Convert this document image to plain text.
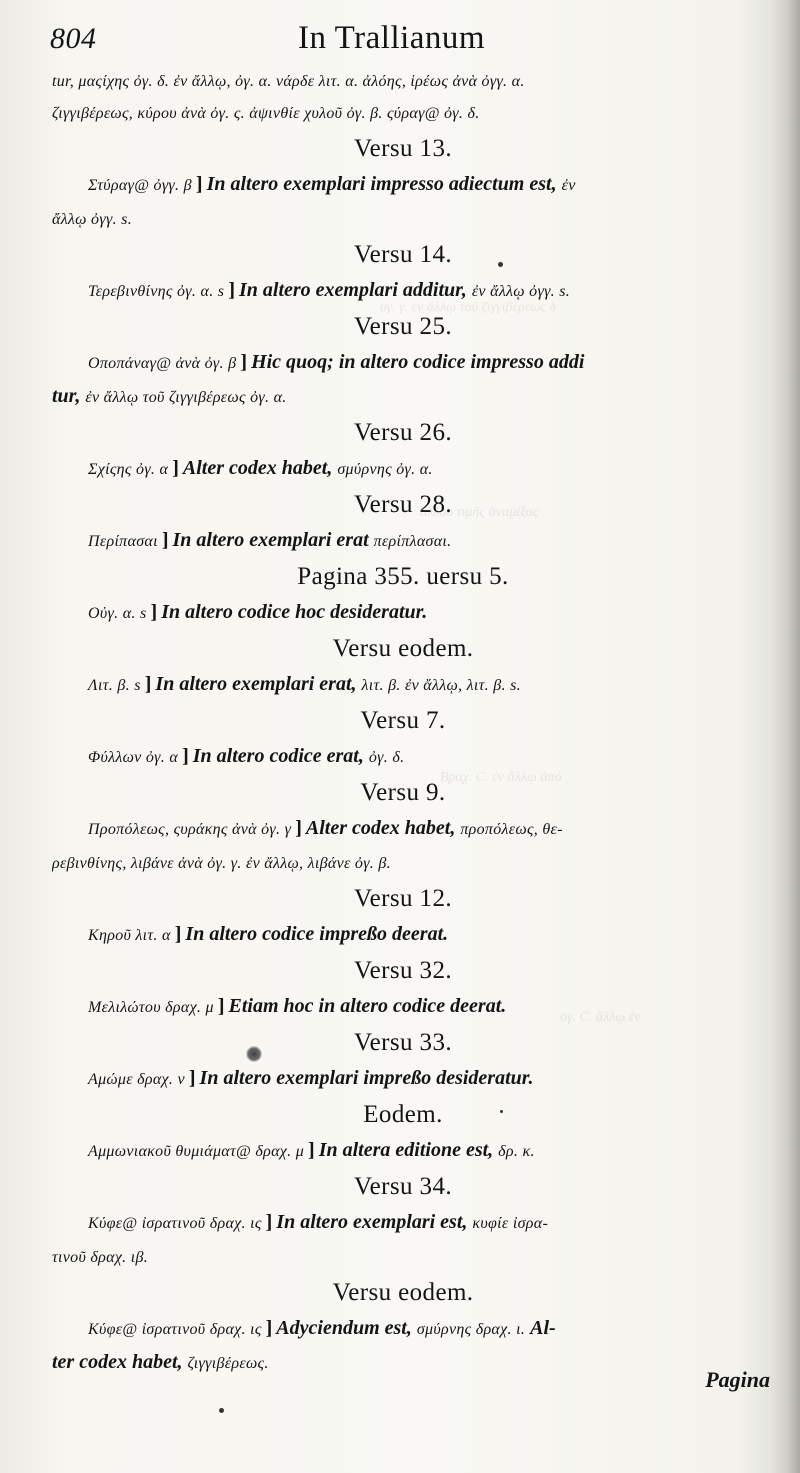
ὑγ. γ. ἐν ἄλλῳ τοῦ ζιγγιβέρεως δ
ἄλλου τιμῆς ἀναμίξας
Βραχ. Ϲ. ἐν ἄλλῳ ἀπό
ὀγ. Ϲ. ἄλλῳ ἐν
804	In Trallianum
tur, μαςίχης ὀγ. δ. ἐν ἄλλῳ, ὀγ. α. νάρδε λιτ. α. ἀλόης, ἱρέως ἀνὰ ὀγγ. α.
ζιγγιβέρεως, κύρου ἀνὰ ὀγ. ς. ἀψινθίε χυλοῦ ὀγ. β. ςύραγ@ ὀγ. δ.
Versu 13.
Στύραγ@ ὀγγ. β ] In altero exemplari impresso adiectum est, ἐν
ἄλλῳ ὀγγ. s.
Versu 14.
Τερεβινθίνης ὀγ. α. s ] In altero exemplari additur, ἐν ἄλλῳ ὀγγ. s.
Versu 25.
Οποπάναγ@ ἀνὰ ὀγ. β ] Hic quoq; in altero codice impresso addi
tur, ἐν ἄλλῳ τοῦ ζιγγιβέρεως ὀγ. α.
Versu 26.
Σχίςης ὀγ. α ] Alter codex habet, σμύρνης ὀγ. α.
Versu 28.
Περίπασαι ] In altero exemplari erat περίπλασαι.
Pagina 355. uersu 5.
Οὐγ. α. s ] In altero codice hoc desideratur.
Versu eodem.
Λιτ. β. s ] In altero exemplari erat, λιτ. β. ἐν ἄλλῳ, λιτ. β. s.
Versu 7.
Φύλλων ὀγ. α ] In altero codice erat, ὀγ. δ.
Versu 9.
Προπόλεως, ςυράκης ἀνὰ ὀγ. γ ] Alter codex habet, προπόλεως, θε-
ρεβινθίνης, λιβάνε ἀνὰ ὀγ. γ. ἐν ἄλλῳ, λιβάνε ὀγ. β.
Versu 12.
Κηροῦ λιτ. α ] In altero codice impreßo deerat.
Versu 32.
Μελιλώτου δραχ. μ ] Etiam hoc in altero codice deerat.
Versu 33.
Αμώμε δραχ. ν ] In altero exemplari impreßo desideratur.
Eodem.
Αμμωνιακοῦ θυμιάματ@ δραχ. μ ] In altera editione est, δρ. κ.
Versu 34.
Κύφε@ ἰσρατινοῦ δραχ. ις ] In altero exemplari est, κυφίε ἰσρα-
τινοῦ δραχ. ιβ.
Versu eodem.
Κύφε@ ἰσρατινοῦ δραχ. ις ] Adyciendum est, σμύρνης δραχ. ι. Al-
ter codex habet, ζιγγιβέρεως.
Pagina
